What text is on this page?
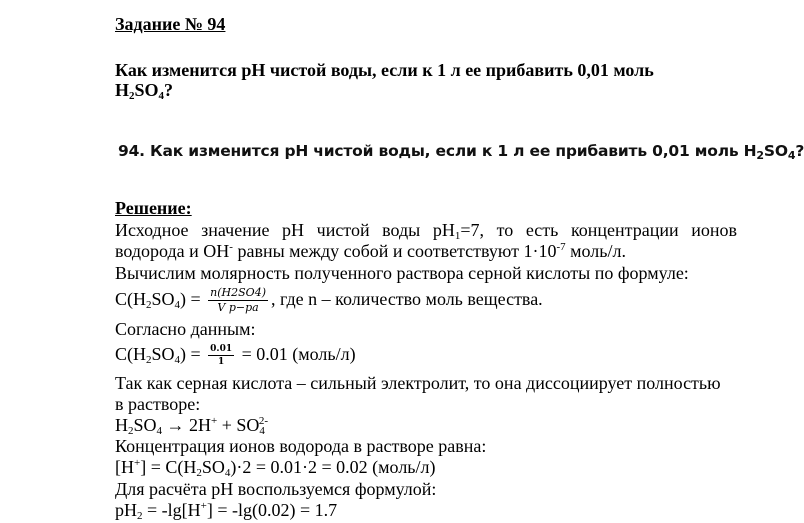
Задание № 94
Как изменится pH чистой воды, если к 1 л ее прибавить 0,01 моль
$H_2SO_4$?
94. Как изменится рН чистой воды, если к 1 л ее прибавить 0,01 моль $H_2SO_4$?
Решение:
Исходное значение рН чистой воды $рН_1=7$, то есть концентрации ионов
водорода и ОН- равны между собой и соответствуют $1\cdot 10^{-7}$ моль/л.
Вычислим молярность полученного раствора серной кислоты по формуле:
$C(H_2SO_4) = \frac{n(H2SO4)}{\text{V р−ра}}$ , где n – количество моль вещества.
Согласно данным:
$C(H_2SO_4) = \frac{0.01}{1} = 0.01$ (моль/л)
Так как серная кислота – сильный электролит, то она диссоциирует полностью
в растворе:
$H_2SO_4 \to 2H^+ + SO_4^{2-}$
Концентрация ионов водорода в растворе равна:
$[H^+] = C(H_2SO_4)\cdot 2 = 0.01\cdot 2 = 0.02$ (моль/л)
Для расчёта pH воспользуемся формулой:
$pH_2 = -\lg[H^+] = -\lg(0.02) = 1.7$
